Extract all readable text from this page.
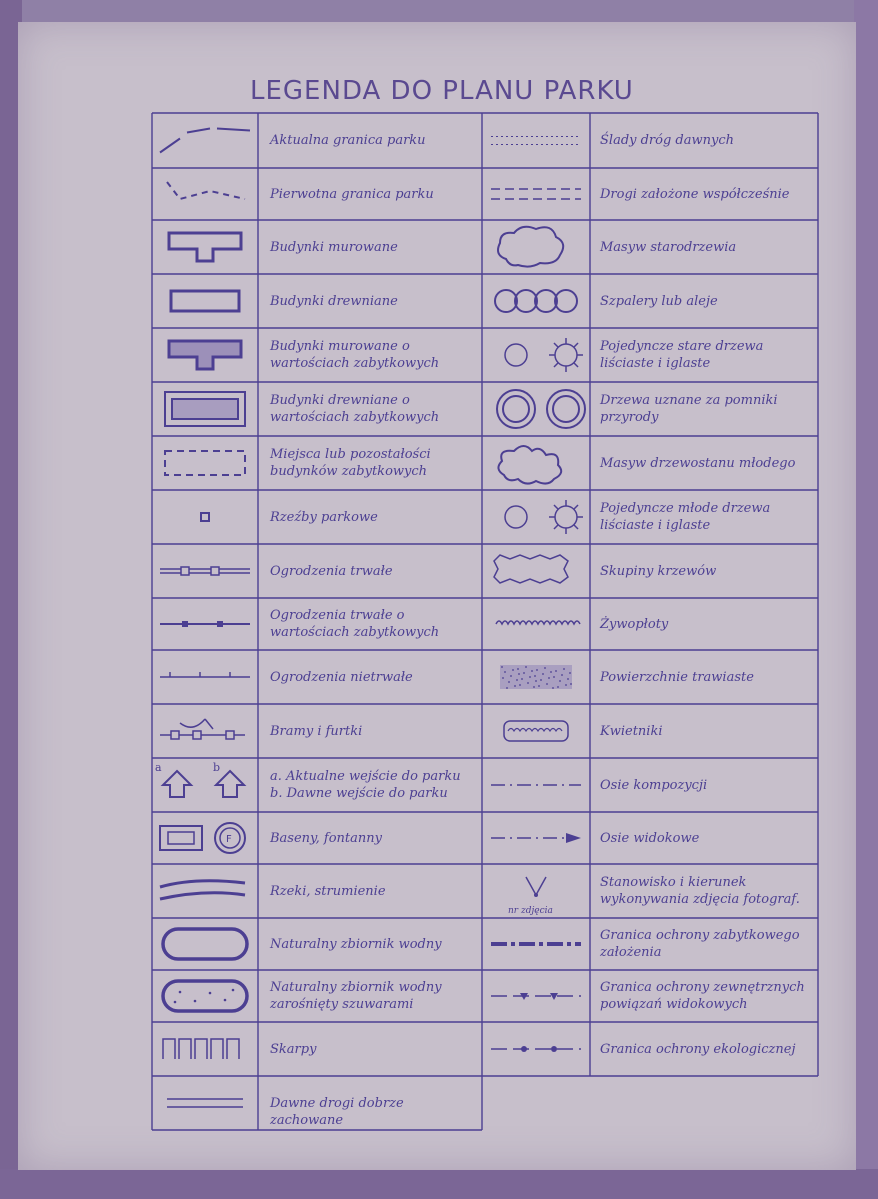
LEGENDA DO PLANU PARKU
a	b
F
nr zdjęcia
Aktualna granica parku
Pierwotna granica parku
Budynki murowane
Budynki drewniane
Budynki murowane o wartościach zabytkowych
Budynki drewniane o wartościach zabytkowych
Miejsca lub pozostałości budynków zabytkowych
Rzeźby parkowe
Ogrodzenia trwałe
Ogrodzenia trwałe o wartościach zabytkowych
Ogrodzenia nietrwałe
Bramy i furtki
a. Aktualne wejście do parku b. Dawne wejście do parku
Baseny, fontanny
Rzeki, strumienie
Naturalny zbiornik wodny
Naturalny zbiornik wodny zarośnięty szuwarami
Skarpy
Dawne drogi dobrze zachowane
Ślady dróg dawnych
Drogi założone współcześnie
Masyw starodrzewia
Szpalery lub aleje
Pojedyncze stare drzewa liściaste i iglaste
Drzewa uznane za pomniki przyrody
Masyw drzewostanu młodego
Pojedyncze młode drzewa liściaste i iglaste
Skupiny krzewów
Żywopłoty
Powierzchnie trawiaste
Kwietniki
Osie kompozycji
Osie widokowe
Stanowisko i kierunek wykonywania zdjęcia fotograf.
Granica ochrony zabytkowego założenia
Granica ochrony zewnętrznych powiązań widokowych
Granica ochrony ekologicznej
